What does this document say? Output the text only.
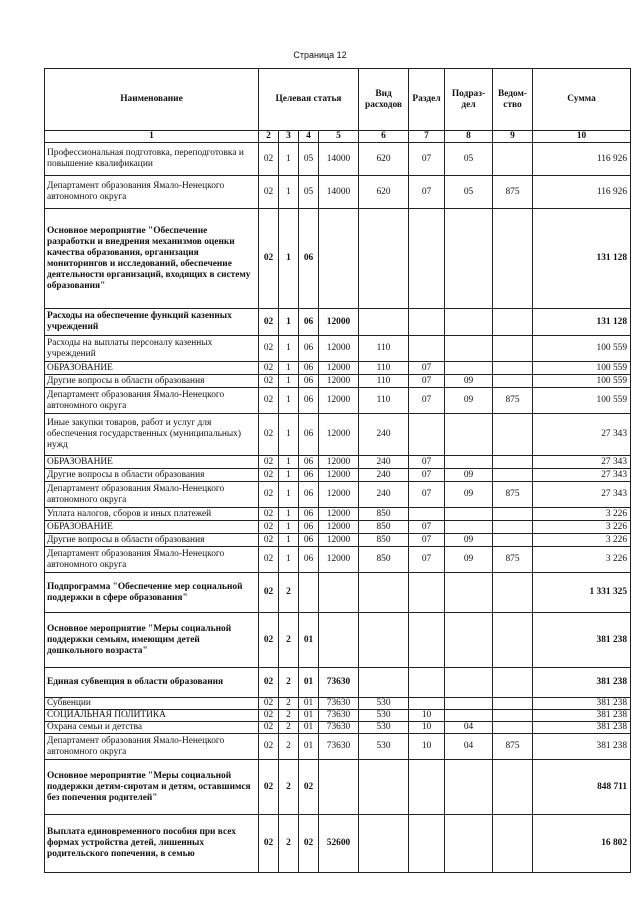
Страница 12
Наименование	Целевая статья				Вид расходов	Раздел	Подраз-дел	Ведом-ство	Сумма
1	2	3	4	5	6	7	8	9	10
Профессиональная подготовка, переподготовка и повышение квалификации	02	1	05	14000	620	07	05		116 926
Департамент образования Ямало-Ненецкого автономного округа	02	1	05	14000	620	07	05	875	116 926
Основное мероприятие "Обеспечение разработки и внедрения механизмов оценки качества образования, организация мониторингов и исследований, обеспечение деятельности организаций, входящих в систему образования"	02	1	06						131 128
Расходы на обеспечение функций казенных учреждений	02	1	06	12000					131 128
Расходы на выплаты персоналу казенных учреждений	02	1	06	12000	110				100 559
ОБРАЗОВАНИЕ	02	1	06	12000	110	07			100 559
Другие вопросы в области образования	02	1	06	12000	110	07	09		100 559
Департамент образования Ямало-Ненецкого автономного округа	02	1	06	12000	110	07	09	875	100 559
Иные закупки товаров, работ и услуг для обеспечения государственных (муниципальных) нужд	02	1	06	12000	240				27 343
ОБРАЗОВАНИЕ	02	1	06	12000	240	07			27 343
Другие вопросы в области образования	02	1	06	12000	240	07	09		27 343
Департамент образования Ямало-Ненецкого автономного округа	02	1	06	12000	240	07	09	875	27 343
Уплата налогов, сборов и иных платежей	02	1	06	12000	850				3 226
ОБРАЗОВАНИЕ	02	1	06	12000	850	07			3 226
Другие вопросы в области образования	02	1	06	12000	850	07	09		3 226
Департамент образования Ямало-Ненецкого автономного округа	02	1	06	12000	850	07	09	875	3 226
Подпрограмма "Обеспечение мер социальной поддержки в сфере образования"	02	2							1 331 325
Основное мероприятие "Меры социальной поддержки семьям, имеющим детей дошкольного возраста"	02	2	01						381 238
Единая субвенция в области образования	02	2	01	73630					381 238
Субвенции	02	2	01	73630	530				381 238
СОЦИАЛЬНАЯ ПОЛИТИКА	02	2	01	73630	530	10			381 238
Охрана семьи и детства	02	2	01	73630	530	10	04		381 238
Департамент образования Ямало-Ненецкого автономного округа	02	2	01	73630	530	10	04	875	381 238
Основное мероприятие "Меры социальной поддержки детям-сиротам и детям, оставшимся без попечения родителей"	02	2	02						848 711
Выплата единовременного пособия при всех формах устройства детей, лишенных родительского попечения, в семью	02	2	02	52600					16 802
